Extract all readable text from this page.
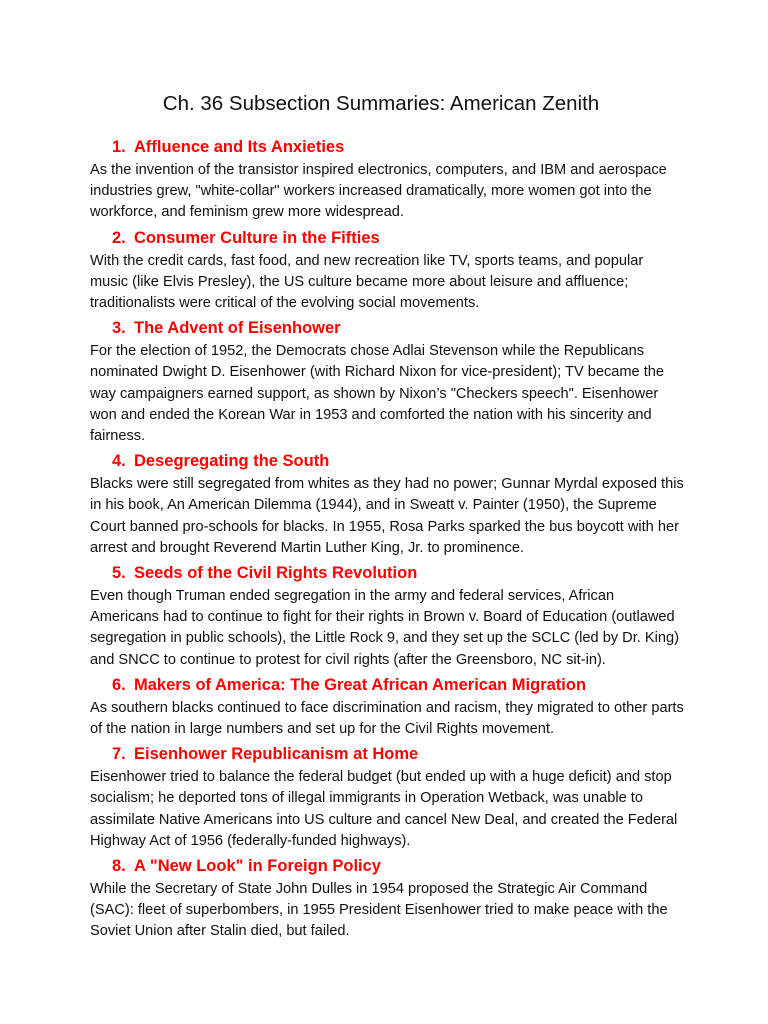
Ch. 36 Subsection Summaries: American Zenith
1. Affluence and Its Anxieties

As the invention of the transistor inspired electronics, computers, and IBM and aerospace industries grew, "white-collar" workers increased dramatically, more women got into the workforce, and feminism grew more widespread.

2. Consumer Culture in the Fifties

With the credit cards, fast food, and new recreation like TV, sports teams, and popular music (like Elvis Presley), the US culture became more about leisure and affluence; traditionalists were critical of the evolving social movements.

3. The Advent of Eisenhower

For the election of 1952, the Democrats chose Adlai Stevenson while the Republicans nominated Dwight D. Eisenhower (with Richard Nixon for vice-president); TV became the way campaigners earned support, as shown by Nixon’s "Checkers speech". Eisenhower won and ended the Korean War in 1953 and comforted the nation with his sincerity and fairness.

4. Desegregating the South

Blacks were still segregated from whites as they had no power; Gunnar Myrdal exposed this in his book, An American Dilemma (1944), and in Sweatt v. Painter (1950), the Supreme Court banned pro-schools for blacks. In 1955, Rosa Parks sparked the bus boycott with her arrest and brought Reverend Martin Luther King, Jr. to prominence.

5. Seeds of the Civil Rights Revolution

Even though Truman ended segregation in the army and federal services, African Americans had to continue to fight for their rights in Brown v. Board of Education (outlawed segregation in public schools), the Little Rock 9, and they set up the SCLC (led by Dr. King) and SNCC to continue to protest for civil rights (after the Greensboro, NC sit-in).

6. Makers of America: The Great African American Migration

As southern blacks continued to face discrimination and racism, they migrated to other parts of the nation in large numbers and set up for the Civil Rights movement.

7. Eisenhower Republicanism at Home

Eisenhower tried to balance the federal budget (but ended up with a huge deficit) and stop socialism; he deported tons of illegal immigrants in Operation Wetback, was unable to assimilate Native Americans into US culture and cancel New Deal, and created the Federal Highway Act of 1956 (federally-funded highways).

8. A "New Look" in Foreign Policy

While the Secretary of State John Dulles in 1954 proposed the Strategic Air Command (SAC): fleet of superbombers, in 1955 President Eisenhower tried to make peace with the Soviet Union after Stalin died, but failed.
